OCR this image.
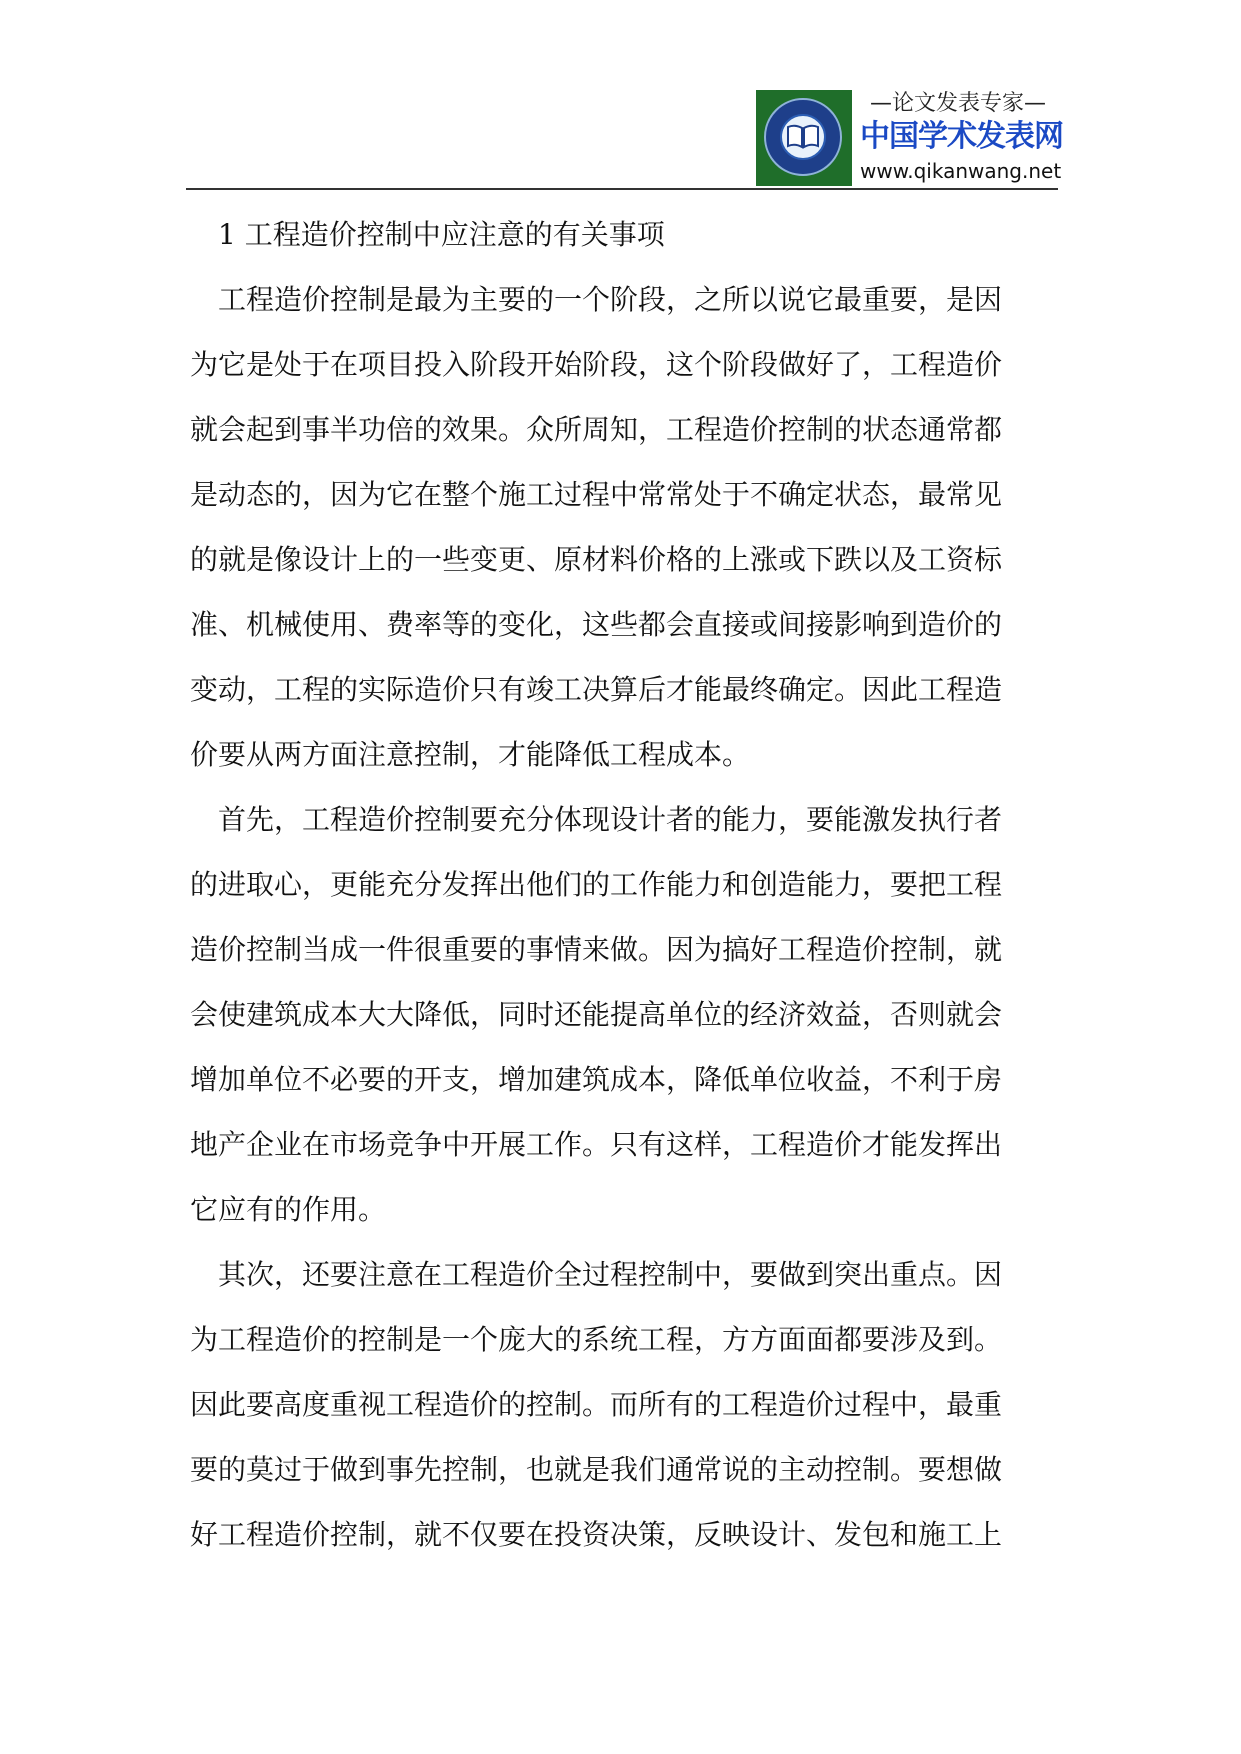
—论文发表专家—
中国学术发表网
www.qikanwang.net
1 工程造价控制中应注意的有关事项
工程造价控制是最为主要的一个阶段，之所以说它最重要，是因
为它是处于在项目投入阶段开始阶段，这个阶段做好了，工程造价
就会起到事半功倍的效果。众所周知，工程造价控制的状态通常都
是动态的，因为它在整个施工过程中常常处于不确定状态，最常见
的就是像设计上的一些变更、原材料价格的上涨或下跌以及工资标
准、机械使用、费率等的变化，这些都会直接或间接影响到造价的
变动，工程的实际造价只有竣工决算后才能最终确定。因此工程造
价要从两方面注意控制，才能降低工程成本。
首先，工程造价控制要充分体现设计者的能力，要能激发执行者
的进取心，更能充分发挥出他们的工作能力和创造能力，要把工程
造价控制当成一件很重要的事情来做。因为搞好工程造价控制，就
会使建筑成本大大降低，同时还能提高单位的经济效益，否则就会
增加单位不必要的开支，增加建筑成本，降低单位收益，不利于房
地产企业在市场竞争中开展工作。只有这样，工程造价才能发挥出
它应有的作用。
其次，还要注意在工程造价全过程控制中，要做到突出重点。因
为工程造价的控制是一个庞大的系统工程，方方面面都要涉及到。
因此要高度重视工程造价的控制。而所有的工程造价过程中，最重
要的莫过于做到事先控制，也就是我们通常说的主动控制。要想做
好工程造价控制，就不仅要在投资决策，反映设计、发包和施工上
